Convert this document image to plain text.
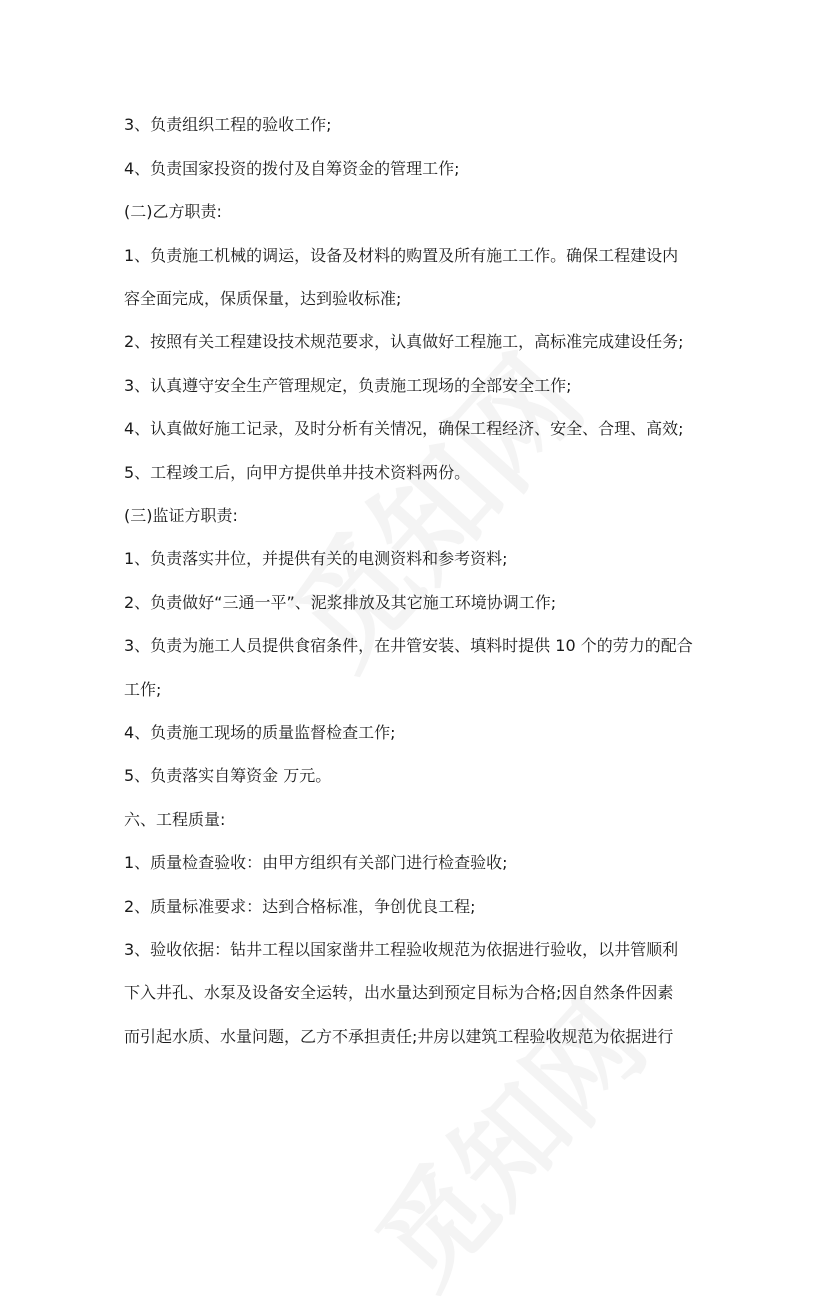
3、负责组织工程的验收工作;
4、负责国家投资的拨付及自筹资金的管理工作;
(二)乙方职责:
1、负责施工机械的调运，设备及材料的购置及所有施工工作。确保工程建设内
容全面完成，保质保量，达到验收标准;
2、按照有关工程建设技术规范要求，认真做好工程施工，高标准完成建设任务;
3、认真遵守安全生产管理规定，负责施工现场的全部安全工作;
4、认真做好施工记录，及时分析有关情况，确保工程经济、安全、合理、高效;
5、工程竣工后，向甲方提供单井技术资料两份。
(三)监证方职责:
1、负责落实井位，并提供有关的电测资料和参考资料;
2、负责做好“三通一平”、泥浆排放及其它施工环境协调工作;
3、负责为施工人员提供食宿条件，在井管安装、填料时提供 10 个的劳力的配合
工作;
4、负责施工现场的质量监督检查工作;
5、负责落实自筹资金 万元。
六、工程质量:
1、质量检查验收：由甲方组织有关部门进行检查验收;
2、质量标准要求：达到合格标准，争创优良工程;
3、验收依据：钻井工程以国家凿井工程验收规范为依据进行验收，以井管顺利
下入井孔、水泵及设备安全运转，出水量达到预定目标为合格;因自然条件因素
而引起水质、水量问题，乙方不承担责任;井房以建筑工程验收规范为依据进行
